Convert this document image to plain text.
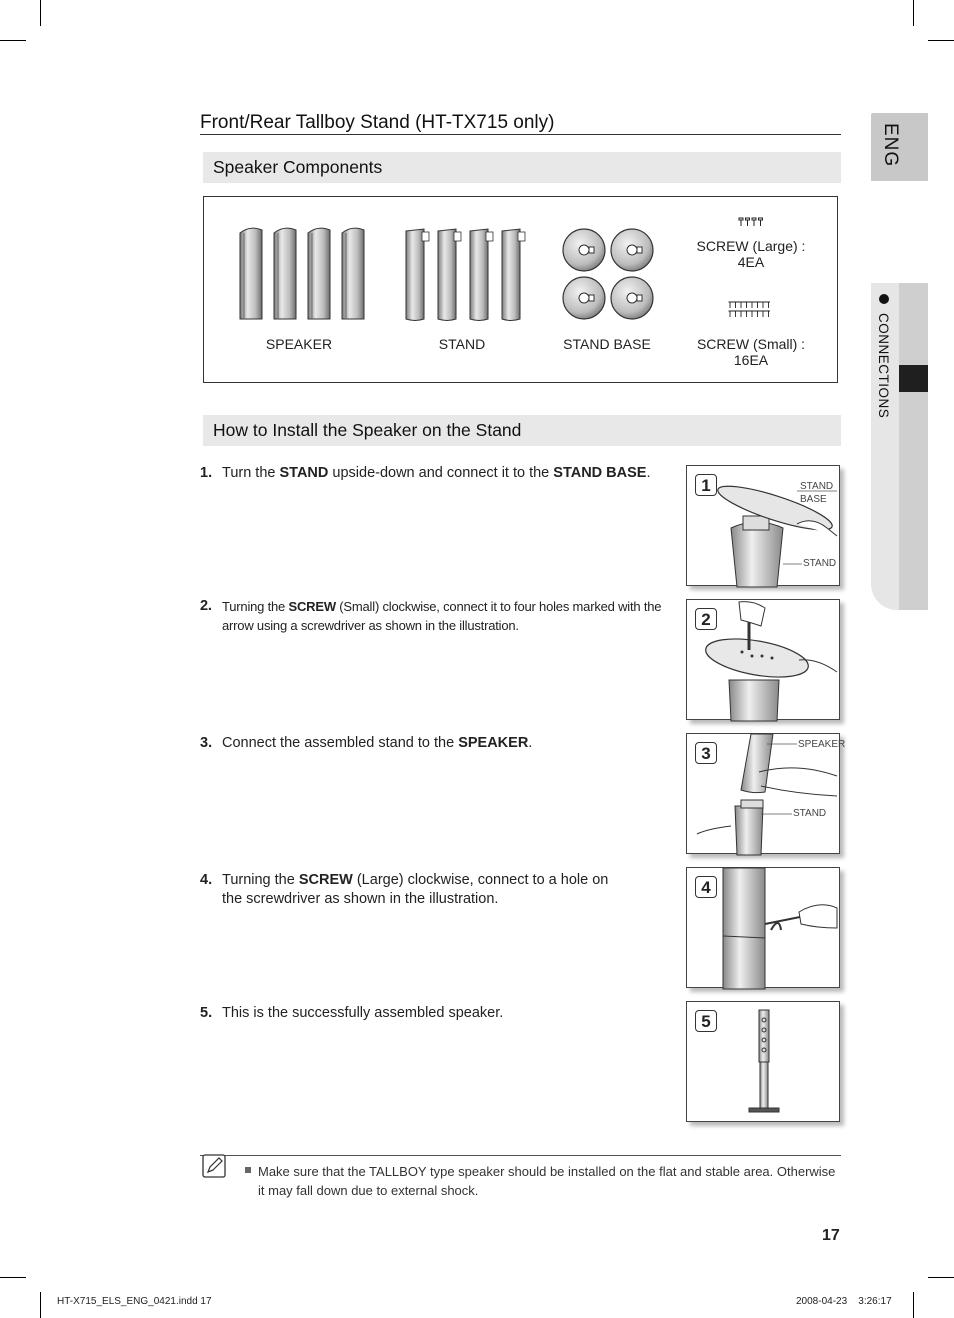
ENG
CONNECTIONS
Front/Rear Tallboy Stand (HT-TX715 only)
Speaker Components
SPEAKER	STAND	STAND BASE
SCREW (Large) :
4EA
SCREW (Small) :
16EA
How to Install the Speaker on the Stand
1. Turn the STAND upside-down and connect it to the STAND BASE.
2. Turning the SCREW (Small) clockwise, connect it to four holes marked with the arrow using a screwdriver as shown in the illustration.
3. Connect the assembled stand to the SPEAKER.
4. Turning the SCREW (Large) clockwise, connect to a hole on the screwdriver as shown in the illustration.
5. This is the successfully assembled speaker.
1	STAND
BASE
STAND
2
3	SPEAKER
STAND
4
5
Make sure that the TALLBOY type speaker should be installed on the flat and stable area. Otherwise it may fall down due to external shock.
17
HT-X715_ELS_ENG_0421.indd 17	2008-04-23    3:26:17
